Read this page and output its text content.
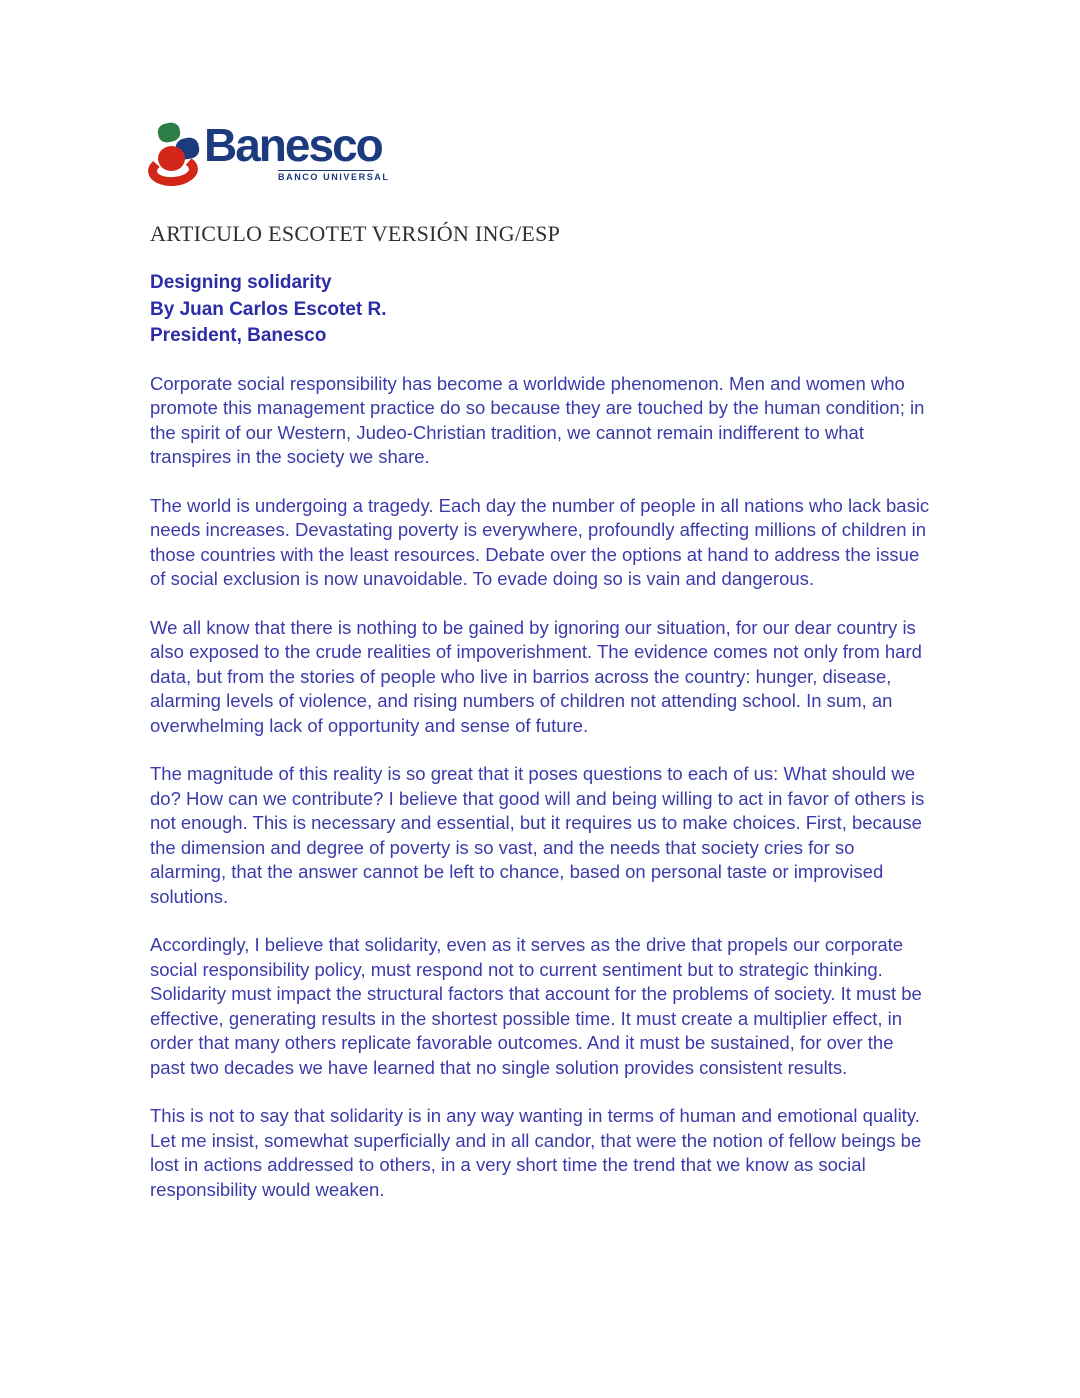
Banesco
BANCO UNIVERSAL
ARTICULO ESCOTET VERSIÓN ING/ESP
Designing solidarity
By Juan Carlos Escotet R.
President, Banesco

Corporate social responsibility has become a worldwide phenomenon. Men and women who promote this management practice do so because they are touched by the human condition; in the spirit of our Western, Judeo-Christian tradition, we cannot remain indifferent to what transpires in the society we share.

The world is undergoing a tragedy. Each day the number of people in all nations who lack basic needs increases. Devastating poverty is everywhere, profoundly affecting millions of children in those countries with the least resources. Debate over the options at hand to address the issue of social exclusion is now unavoidable. To evade doing so is vain and dangerous.

We all know that there is nothing to be gained by ignoring our situation, for our dear country is also exposed to the crude realities of impoverishment. The evidence comes not only from hard data, but from the stories of people who live in barrios across the country: hunger, disease, alarming levels of violence, and rising numbers of children not attending school. In sum, an overwhelming lack of opportunity and sense of future.

The magnitude of this reality is so great that it poses questions to each of us: What should we do? How can we contribute? I believe that good will and being willing to act in favor of others is not enough. This is necessary and essential, but it requires us to make choices. First, because the dimension and degree of poverty is so vast, and the needs that society cries for so alarming, that the answer cannot be left to chance, based on personal taste or improvised solutions.

Accordingly, I believe that solidarity, even as it serves as the drive that propels our corporate social responsibility policy, must respond not to current sentiment but to strategic thinking. Solidarity must impact the structural factors that account for the problems of society. It must be effective, generating results in the shortest possible time. It must create a multiplier effect, in order that many others replicate favorable outcomes. And it must be sustained, for over the past two decades we have learned that no single solution provides consistent results.

This is not to say that solidarity is in any way wanting in terms of human and emotional quality. Let me insist, somewhat superficially and in all candor, that were the notion of fellow beings be lost in actions addressed to others, in a very short time the trend that we know as social responsibility would weaken.
